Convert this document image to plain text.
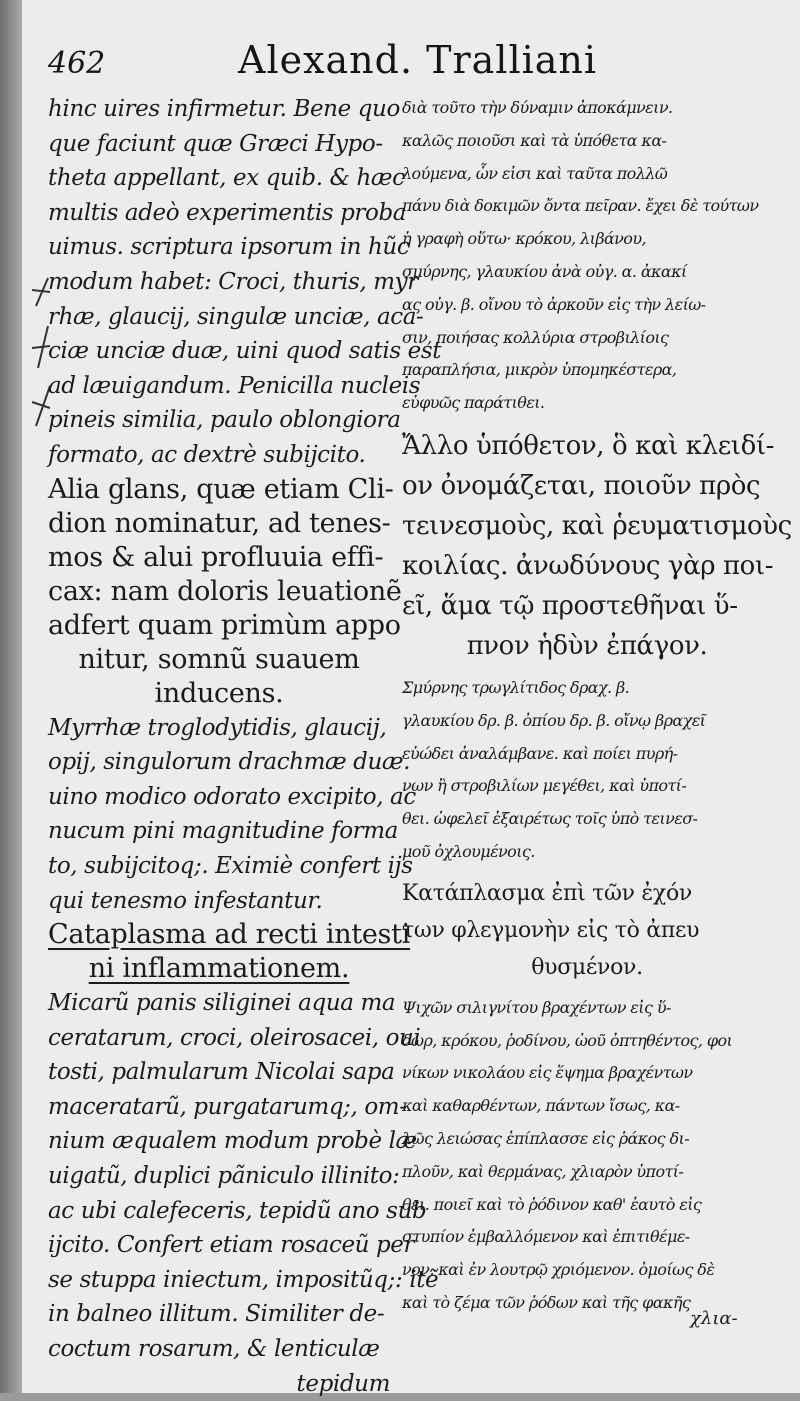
462	Alexand. Tralliani
hinc uires infirmetur. Bene quo
que faciunt quæ Græci Hypo-
theta appellant, ex quib. & hæc
multis adeò experimentis proba
uimus. scriptura ipsorum in hũc
modum habet: Croci, thuris, myr
rhæ, glaucij, singulæ unciæ, aca-
ciæ unciæ duæ, uini quod satis est
ad læuigandum. Penicilla nucleis
pineis similia, paulo oblongiora
formato, ac dextrè subijcito.
Alia glans, quæ etiam Cli-
dion nominatur, ad tenes-
mos & alui profluuia effi-
cax: nam doloris leuationẽ
adfert quam primùm appo
nitur, somnũ suauem
inducens.
Myrrhæ troglodytidis, glaucij,
opij, singulorum drachmæ duæ.
uino modico odorato excipito, ac
nucum pini magnitudine forma
to, subijcitoq;. Eximiè confert ijs
qui tenesmo infestantur.
Cataplasma ad recti intesti
ni inflammationem.
Micarũ panis siliginei aqua ma
ceratarum, croci, oleirosacei, oui
tosti, palmularum Nicolai sapa
maceratarũ, purgatarumq;, om-
nium æqualem modum probè læ
uigatũ, duplici pãniculo illinito:
ac ubi calefeceris, tepidũ ano sub
ijcito. Confert etiam rosaceũ per
se stuppa iniectum, impositũq;: itẽ
in balneo illitum. Similiter de-
coctum rosarum, & lenticulæ
tepidum
διὰ τοῦτο τὴν δύναμιν ἀποκάμνειν.
καλῶς ποιοῦσι καὶ τὰ ὑπόθετα κα-
λούμενα, ὧν εἰσι καὶ ταῦτα πολλῶ
πάνυ διὰ δοκιμῶν ὄντα πεῖραν. ἔχει δὲ τούτων
ἡ γραφὴ οὕτω· κρόκου, λιβάνου,
σμύρνης, γλαυκίου ἀνὰ οὐγ. α. ἀκακί
ας οὐγ. β. οἴνου τὸ ἀρκοῦν εἰς τὴν λείω-
σιν, ποιήσας κολλύρια στροβιλίοις
παραπλήσια, μικρὸν ὑπομηκέστερα,
εὐφυῶς παράτιθει.
Ἄλλο ὑπόθετον, ὃ καὶ κλειδί-
ον ὀνομάζεται, ποιοῦν πρὸς
τεινεσμοὺς, καὶ ῥευματισμοὺς
κοιλίας. ἀνωδύνους γὰρ ποι-
εῖ, ἅμα τῷ προστεθῆναι ὕ-
πνον ἡδὺν ἐπάγον.
Σμύρνης τρωγλίτιδος δραχ. β.
γλαυκίου δρ. β. ὀπίου δρ. β. οἴνῳ βραχεῖ
εὐώδει ἀναλάμβανε. καὶ ποίει πυρή-
νων ἢ στροβιλίων μεγέθει, καὶ ὑποτί-
θει. ὠφελεῖ ἐξαιρέτως τοῖς ὑπὸ τεινεσ-
μοῦ ὀχλουμένοις.
Κατάπλασμα ἐπὶ τῶν ἐχόν
των φλεγμονὴν εἰς τὸ ἀπευ
θυσμένον.
Ψιχῶν σιλιγνίτου βραχέντων εἰς ὕ-
δωρ, κρόκου, ῥοδίνου, ὠοῦ ὀπτηθέντος, φοι
νίκων νικολάου εἰς ἕψημα βραχέντων
καὶ καθαρθέντων, πάντων ἴσως, κα-
λῶς λειώσας ἐπίπλασσε εἰς ῥάκος δι-
πλοῦν, καὶ θερμάνας, χλιαρὸν ὑποτί-
θει. ποιεῖ καὶ τὸ ῥόδινον καθ' ἑαυτὸ εἰς
στυπίον ἐμβαλλόμενον καὶ ἐπιτιθέμε-
νον, καὶ ἐν λουτρῷ χριόμενον. ὁμοίως δὲ
καὶ τὸ ζέμα τῶν ῥόδων καὶ τῆς φακῆς
χλια-
